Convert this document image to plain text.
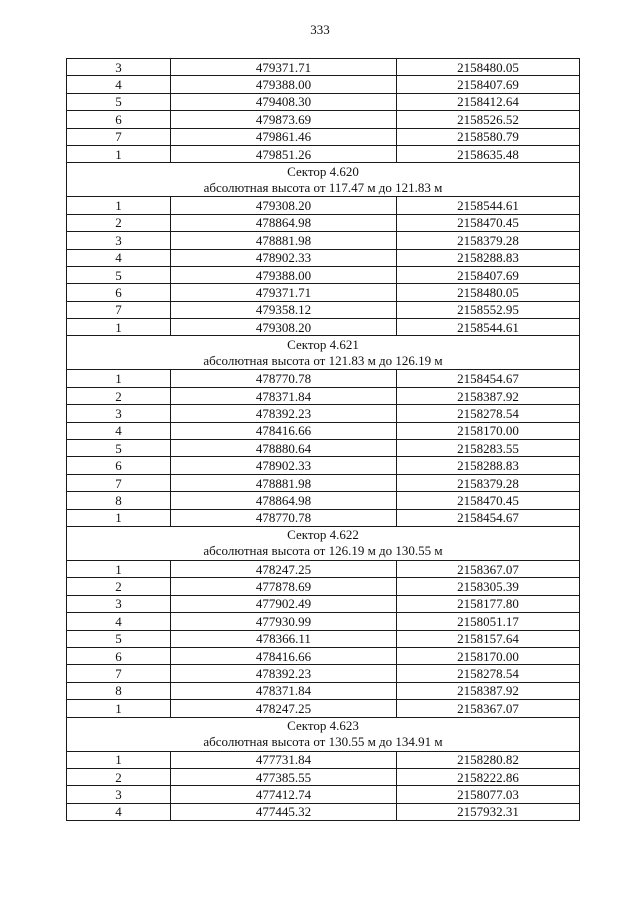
333
3	479371.71	2158480.05
4	479388.00	2158407.69
5	479408.30	2158412.64
6	479873.69	2158526.52
7	479861.46	2158580.79
1	479851.26	2158635.48

Сектор 4.620
абсолютная высота от 117.47 м до 121.83 м		

1	479308.20	2158544.61
2	478864.98	2158470.45
3	478881.98	2158379.28
4	478902.33	2158288.83
5	479388.00	2158407.69
6	479371.71	2158480.05
7	479358.12	2158552.95
1	479308.20	2158544.61

Сектор 4.621
абсолютная высота от 121.83 м до 126.19 м		

1	478770.78	2158454.67
2	478371.84	2158387.92
3	478392.23	2158278.54
4	478416.66	2158170.00
5	478880.64	2158283.55
6	478902.33	2158288.83
7	478881.98	2158379.28
8	478864.98	2158470.45
1	478770.78	2158454.67

Сектор 4.622
абсолютная высота от 126.19 м до 130.55 м		

1	478247.25	2158367.07
2	477878.69	2158305.39
3	477902.49	2158177.80
4	477930.99	2158051.17
5	478366.11	2158157.64
6	478416.66	2158170.00
7	478392.23	2158278.54
8	478371.84	2158387.92
1	478247.25	2158367.07

Сектор 4.623
абсолютная высота от 130.55 м до 134.91 м		

1	477731.84	2158280.82
2	477385.55	2158222.86
3	477412.74	2158077.03
4	477445.32	2157932.31
